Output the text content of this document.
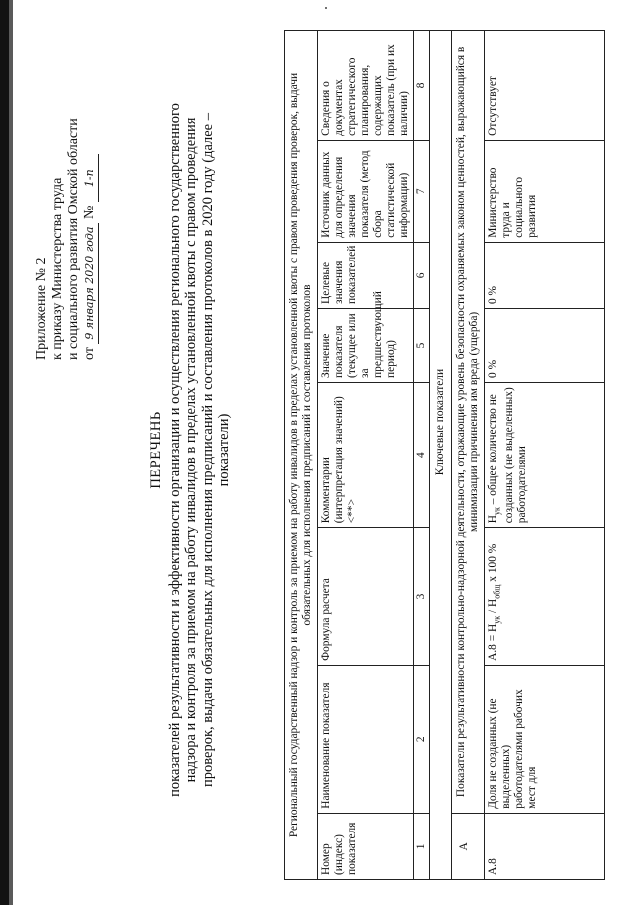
Приложение № 2 к приказу Министерства труда и социального развития Омской области от 9 января 2020 года № 1-п
ПЕРЕЧЕНЬ показателей результативности и эффективности организации и осуществления регионального государственного надзора и контроля за приемом на работу инвалидов в пределах установленной квоты с правом проведения проверок, выдачи обязательных для исполнения предписаний и составления протоколов в 2020 году (далее – показатели)	Региональный государственный надзор и контроль за приемом на работу инвалидов в пределах установленной квоты с правом проведения проверок, выдачи обязательных для исполнения предписаний и составления протоколов							
Номер (индекс) показателя	Наименование показателя	Формула расчета	Комментарии (интерпретация значений) <**>	Значение показателя (текущее или за предшествующий период)	Целевые значения показателей	Источник данных для определения значения показателя (метод сбора статистической информации)	Сведения о документах стратегического планирования, содержащих показатель (при их наличии)
1	2	3	4	5	6	7	8
	Ключевые показатели						
А	Показатели результативности контрольно-надзорной деятельности, отражающие уровень безопасности охраняемых законом ценностей, выражающийся в минимизации причинения им вреда (ущерба)						
А.8	Доля не созданных (не выделенных) работодателями рабочих мест для	$А.8 = Н_{ук} / Н_{общ}$ х 100 %	$Н_{ук}$ – общее количество не созданных (не выделенных) работодателями	0 %	0 %	Министерство труда и социального развития	Отсутствует
